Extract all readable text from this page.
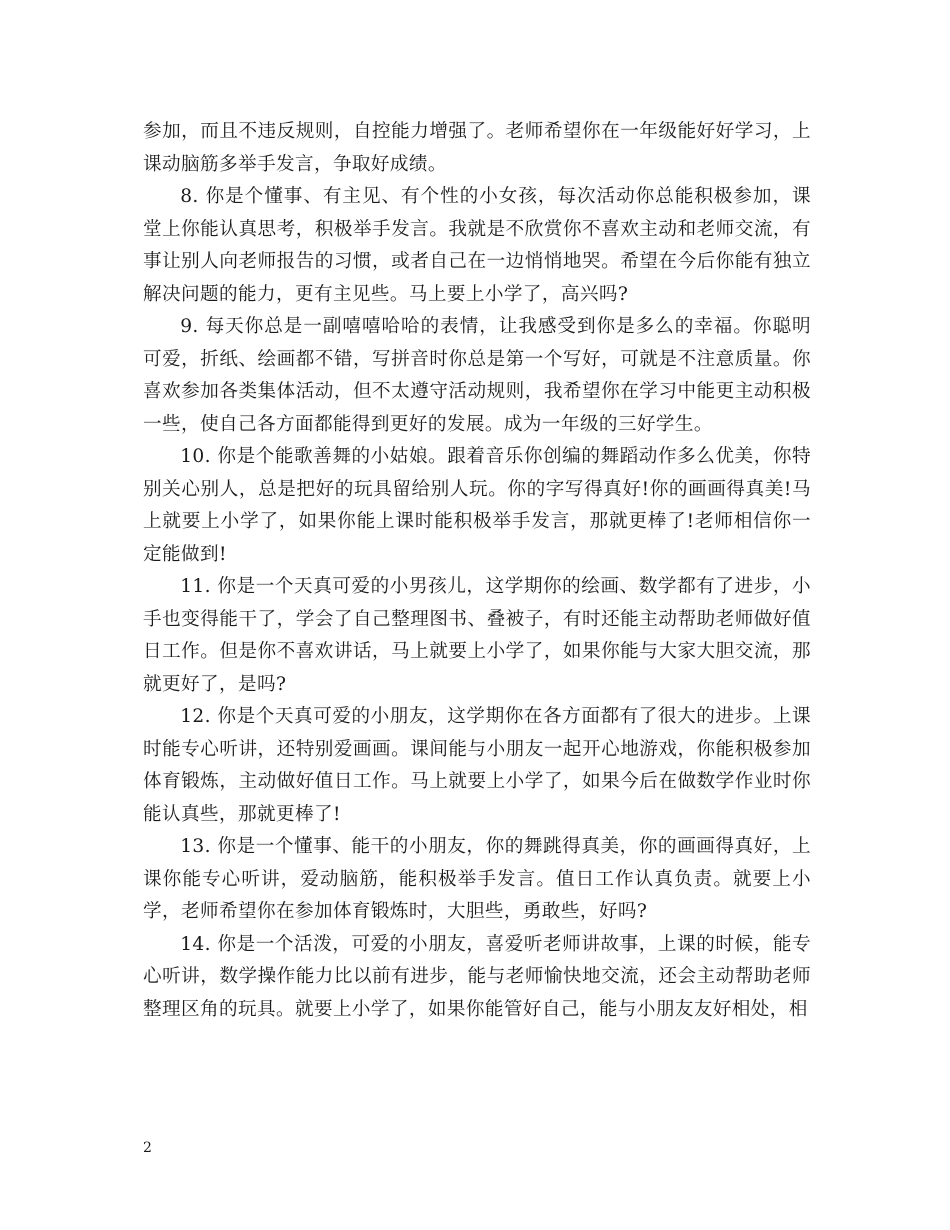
参加，而且不违反规则，自控能力增强了。老师希望你在一年级能好好学习，上课动脑筋多举手发言，争取好成绩。

8. 你是个懂事、有主见、有个性的小女孩，每次活动你总能积极参加，课堂上你能认真思考，积极举手发言。我就是不欣赏你不喜欢主动和老师交流，有事让别人向老师报告的习惯，或者自己在一边悄悄地哭。希望在今后你能有独立解决问题的能力，更有主见些。马上要上小学了，高兴吗?

9. 每天你总是一副嘻嘻哈哈的表情，让我感受到你是多么的幸福。你聪明可爱，折纸、绘画都不错，写拼音时你总是第一个写好，可就是不注意质量。你喜欢参加各类集体活动，但不太遵守活动规则，我希望你在学习中能更主动积极一些，使自己各方面都能得到更好的发展。成为一年级的三好学生。

10. 你是个能歌善舞的小姑娘。跟着音乐你创编的舞蹈动作多么优美，你特别关心别人，总是把好的玩具留给别人玩。你的字写得真好!你的画画得真美!马上就要上小学了，如果你能上课时能积极举手发言，那就更棒了!老师相信你一定能做到!

11. 你是一个天真可爱的小男孩儿，这学期你的绘画、数学都有了进步，小手也变得能干了，学会了自己整理图书、叠被子，有时还能主动帮助老师做好值日工作。但是你不喜欢讲话，马上就要上小学了，如果你能与大家大胆交流，那就更好了，是吗?

12. 你是个天真可爱的小朋友，这学期你在各方面都有了很大的进步。上课时能专心听讲，还特别爱画画。课间能与小朋友一起开心地游戏，你能积极参加体育锻炼，主动做好值日工作。马上就要上小学了，如果今后在做数学作业时你能认真些，那就更棒了!

13. 你是一个懂事、能干的小朋友，你的舞跳得真美，你的画画得真好，上课你能专心听讲，爱动脑筋，能积极举手发言。值日工作认真负责。就要上小学，老师希望你在参加体育锻炼时，大胆些，勇敢些，好吗?

14. 你是一个活泼，可爱的小朋友，喜爱听老师讲故事，上课的时候，能专心听讲，数学操作能力比以前有进步，能与老师愉快地交流，还会主动帮助老师整理区角的玩具。就要上小学了，如果你能管好自己，能与小朋友友好相处，相

2
